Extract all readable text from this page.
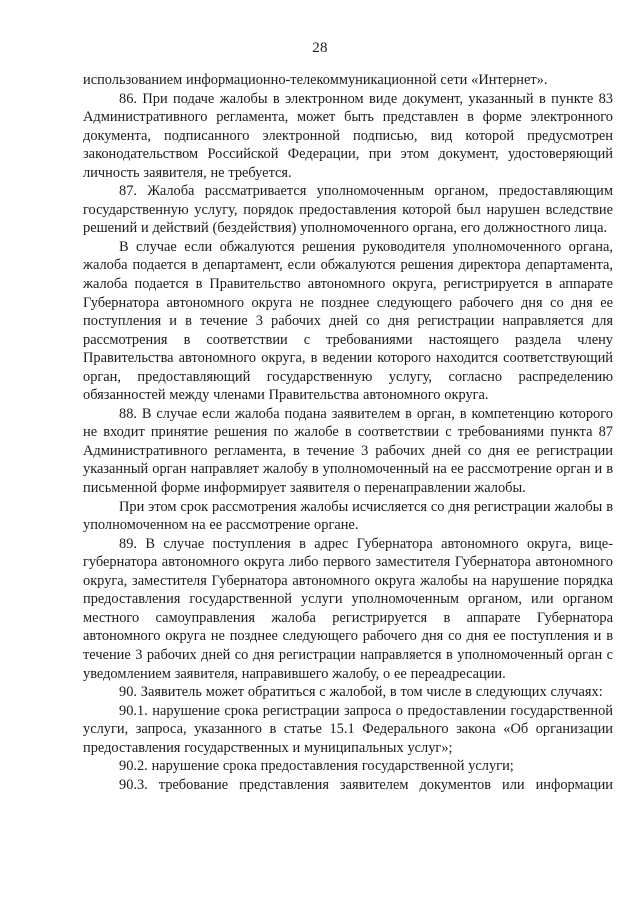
28

использованием информационно-телекоммуникационной сети «Интернет».

86. При подаче жалобы в электронном виде документ, указанный в пункте 83 Административного регламента, может быть представлен в форме электронного документа, подписанного электронной подписью, вид которой предусмотрен законодательством Российской Федерации, при этом документ, удостоверяющий личность заявителя, не требуется.

87. Жалоба рассматривается уполномоченным органом, предоставляющим государственную услугу, порядок предоставления которой был нарушен вследствие решений и действий (бездействия) уполномоченного органа, его должностного лица.

В случае если обжалуются решения руководителя уполномоченного органа, жалоба подается в департамент, если обжалуются решения директора департамента, жалоба подается в Правительство автономного округа, регистрируется в аппарате Губернатора автономного округа не позднее следующего рабочего дня со дня ее поступления и в течение 3 рабочих дней со дня регистрации направляется для рассмотрения в соответствии с требованиями настоящего раздела члену Правительства автономного округа, в ведении которого находится соответствующий орган, предоставляющий государственную услугу, согласно распределению обязанностей между членами Правительства автономного округа.

88. В случае если жалоба подана заявителем в орган, в компетенцию которого не входит принятие решения по жалобе в соответствии с требованиями пункта 87 Административного регламента, в течение 3 рабочих дней со дня ее регистрации указанный орган направляет жалобу в уполномоченный на ее рассмотрение орган и в письменной форме информирует заявителя о перенаправлении жалобы.

При этом срок рассмотрения жалобы исчисляется со дня регистрации жалобы в уполномоченном на ее рассмотрение органе.

89. В случае поступления в адрес Губернатора автономного округа, вице-губернатора автономного округа либо первого заместителя Губернатора автономного округа, заместителя Губернатора автономного округа жалобы на нарушение порядка предоставления государственной услуги уполномоченным органом, или органом местного самоуправления жалоба регистрируется в аппарате Губернатора автономного округа не позднее следующего рабочего дня со дня ее поступления и в течение 3 рабочих дней со дня регистрации направляется в уполномоченный орган с уведомлением заявителя, направившего жалобу, о ее переадресации.

90. Заявитель может обратиться с жалобой, в том числе в следующих случаях:

90.1. нарушение срока регистрации запроса о предоставлении государственной услуги, запроса, указанного в статье 15.1 Федерального закона «Об организации предоставления государственных и муниципальных услуг»;

90.2. нарушение срока предоставления государственной услуги;

90.3. требование представления заявителем документов или информации
